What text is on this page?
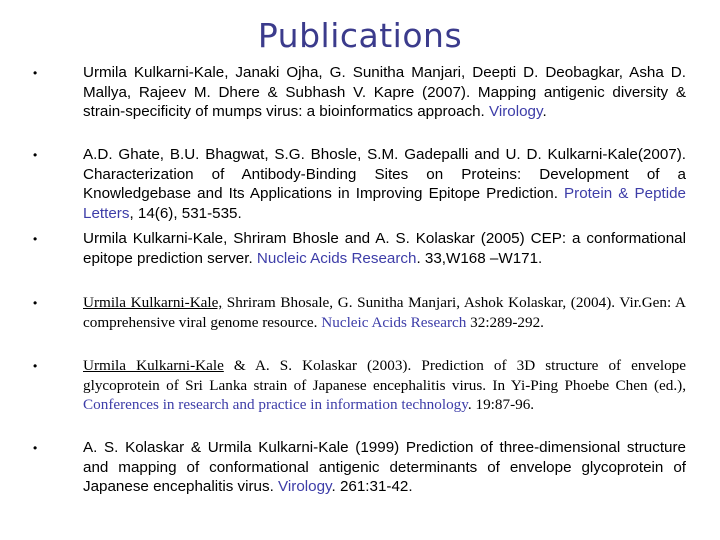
Publications
•	Urmila Kulkarni-Kale, Janaki Ojha, G. Sunitha Manjari, Deepti D. Deobagkar, Asha D. Mallya, Rajeev M. Dhere & Subhash V. Kapre (2007). Mapping antigenic diversity & strain-specificity of mumps virus: a bioinformatics approach. Virology.
•	A.D. Ghate, B.U. Bhagwat, S.G. Bhosle, S.M. Gadepalli and U. D. Kulkarni-Kale(2007). Characterization of Antibody-Binding Sites on Proteins: Development of a Knowledgebase and Its Applications in Improving Epitope Prediction. Protein & Peptide Letters, 14(6), 531-535.
•	Urmila Kulkarni-Kale, Shriram Bhosle and A. S. Kolaskar (2005) CEP: a conformational epitope prediction server. Nucleic Acids Research. 33,W168 –W171.
•	Urmila Kulkarni-Kale, Shriram Bhosale, G. Sunitha Manjari, Ashok Kolaskar, (2004). Vir.Gen: A comprehensive viral genome resource. Nucleic Acids Research 32:289-292.
•	Urmila Kulkarni-Kale & A. S. Kolaskar (2003). Prediction of 3D structure of envelope glycoprotein of Sri Lanka strain of Japanese encephalitis virus. In Yi-Ping Phoebe Chen (ed.), Conferences in research and practice in information technology. 19:87-96.
•	A. S. Kolaskar & Urmila Kulkarni-Kale (1999) Prediction of three-dimensional structure and mapping of conformational antigenic determinants of envelope glycoprotein of Japanese encephalitis virus. Virology. 261:31-42.
